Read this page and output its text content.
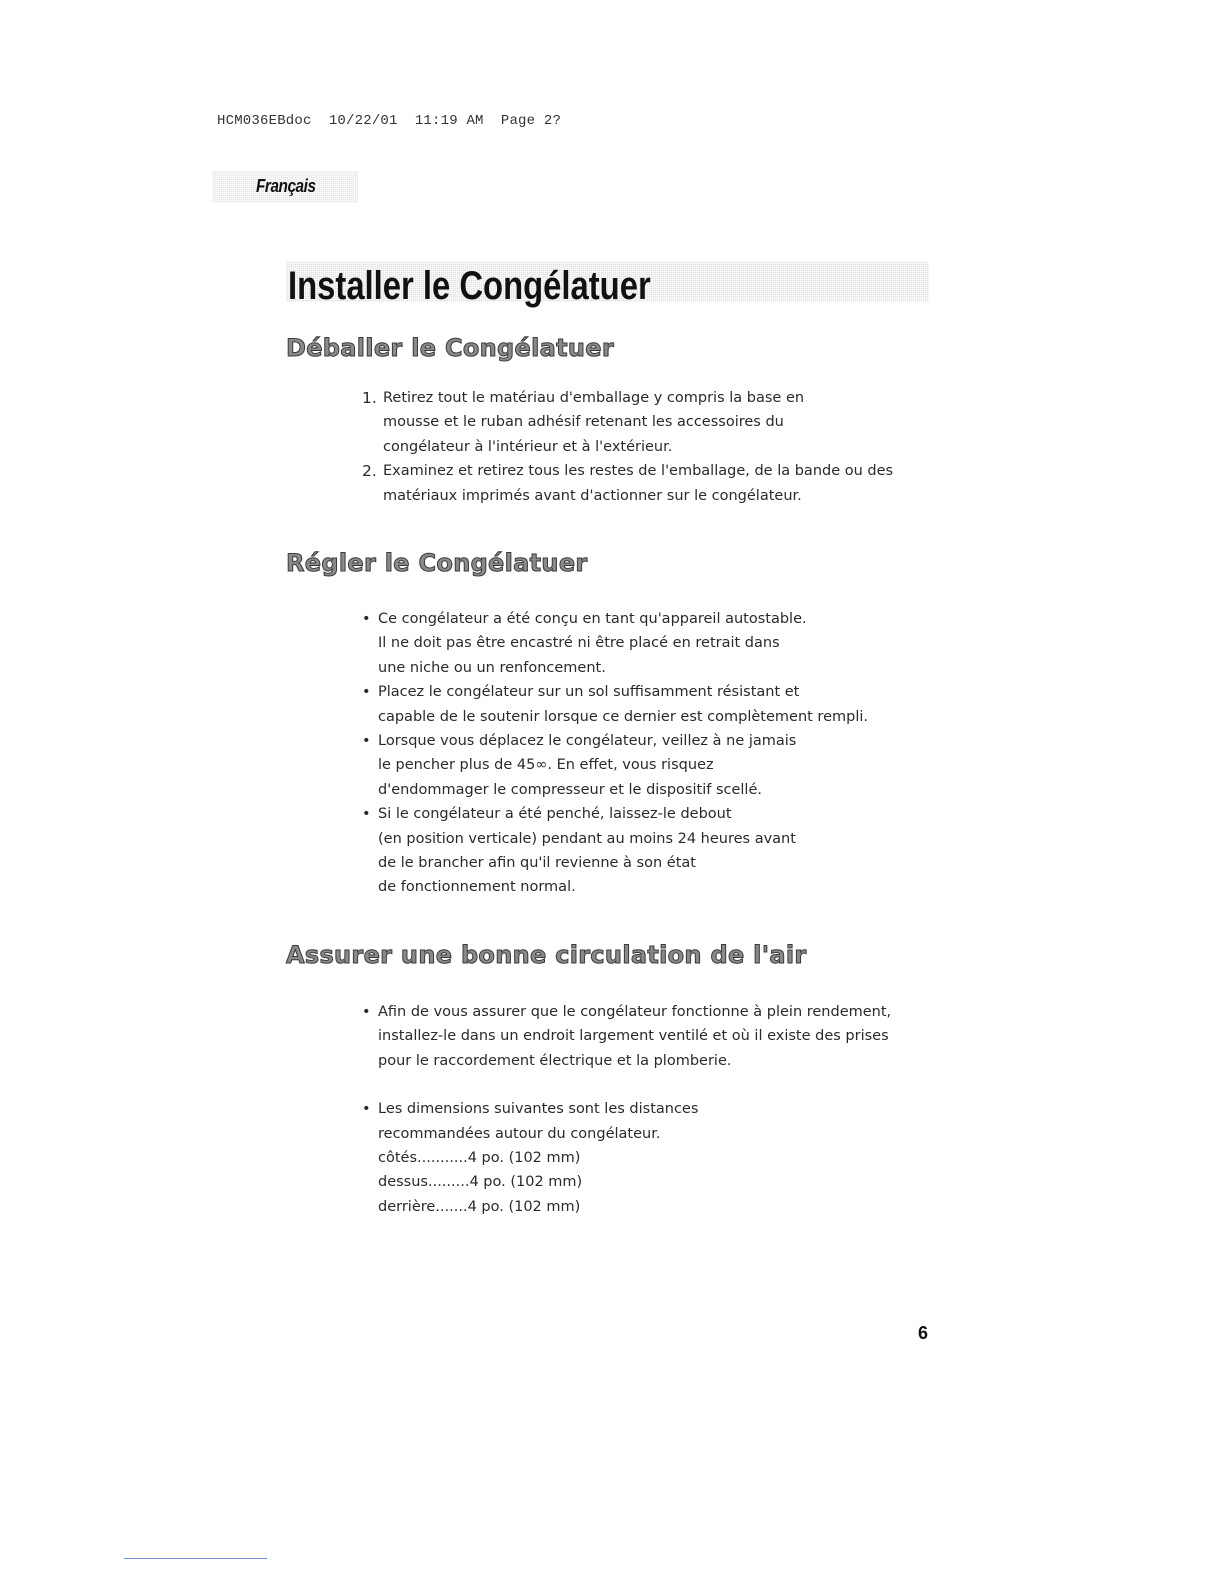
HCM036EBdoc  10/22/01  11:19 AM  Page 2?
Français
Installer le Congélatuer
Déballer le Congélatuer
1. Retirez tout le matériau d'emballage y compris la base en
mousse et le ruban adhésif retenant les accessoires du
congélateur à l'intérieur et à l'extérieur.
2. Examinez et retirez tous les restes de l'emballage, de la bande ou des
matériaux imprimés avant d'actionner sur le congélateur.
Régler le Congélatuer
• Ce congélateur a été conçu en tant qu'appareil autostable.
Il ne doit pas être encastré ni être placé en retrait dans
une niche ou un renfoncement.
• Placez le congélateur sur un sol suffisamment résistant et
capable de le soutenir lorsque ce dernier est complètement rempli.
• Lorsque vous déplacez le congélateur, veillez à ne jamais
le pencher plus de 45∞. En effet, vous risquez
d'endommager le compresseur et le dispositif scellé.
• Si le congélateur a été penché, laissez-le debout
(en position verticale) pendant au moins 24 heures avant
de le brancher afin qu'il revienne à son état
de fonctionnement normal.
Assurer une bonne circulation de l'air
• Afin de vous assurer que le congélateur fonctionne à plein rendement,
installez-le dans un endroit largement ventilé et où il existe des prises
pour le raccordement électrique et la plomberie.
• Les dimensions suivantes sont les distances
recommandées autour du congélateur.
côtés...........4 po. (102 mm)
dessus.........4 po. (102 mm)
derrière.......4 po. (102 mm)
6
